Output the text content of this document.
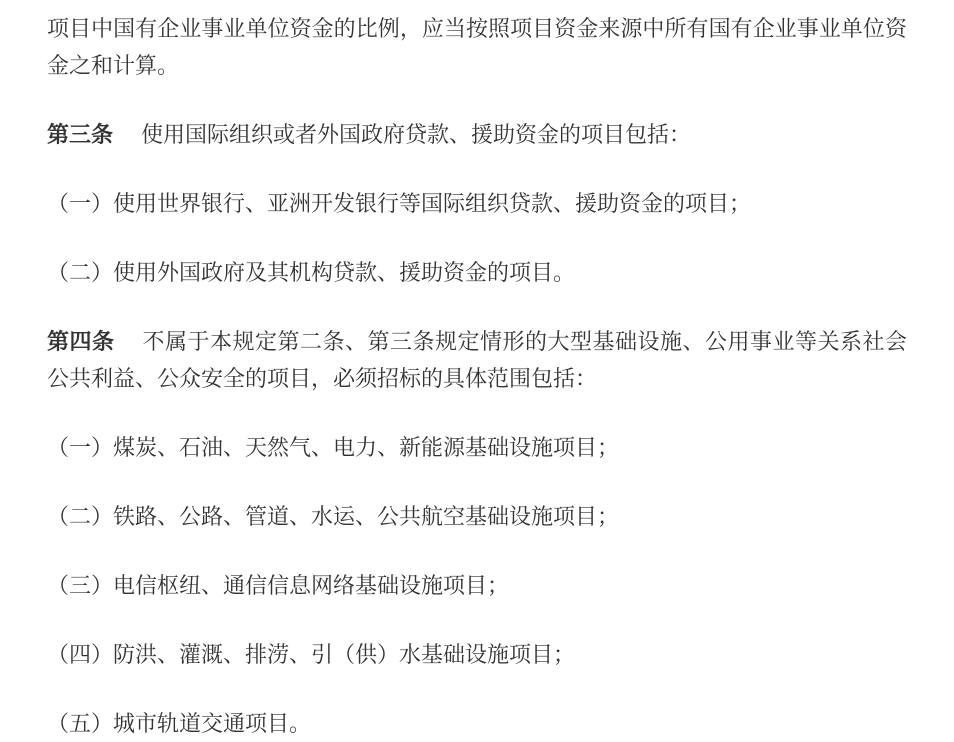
项目中国有企业事业单位资金的比例，应当按照项目资金来源中所有国有企业事业单位资金之和计算。

第三条 使用国际组织或者外国政府贷款、援助资金的项目包括：

（一）使用世界银行、亚洲开发银行等国际组织贷款、援助资金的项目；

（二）使用外国政府及其机构贷款、援助资金的项目。

第四条 不属于本规定第二条、第三条规定情形的大型基础设施、公用事业等关系社会公共利益、公众安全的项目，必须招标的具体范围包括：

（一）煤炭、石油、天然气、电力、新能源基础设施项目；

（二）铁路、公路、管道、水运、公共航空基础设施项目；

（三）电信枢纽、通信信息网络基础设施项目；

（四）防洪、灌溉、排涝、引（供）水基础设施项目；

（五）城市轨道交通项目。
